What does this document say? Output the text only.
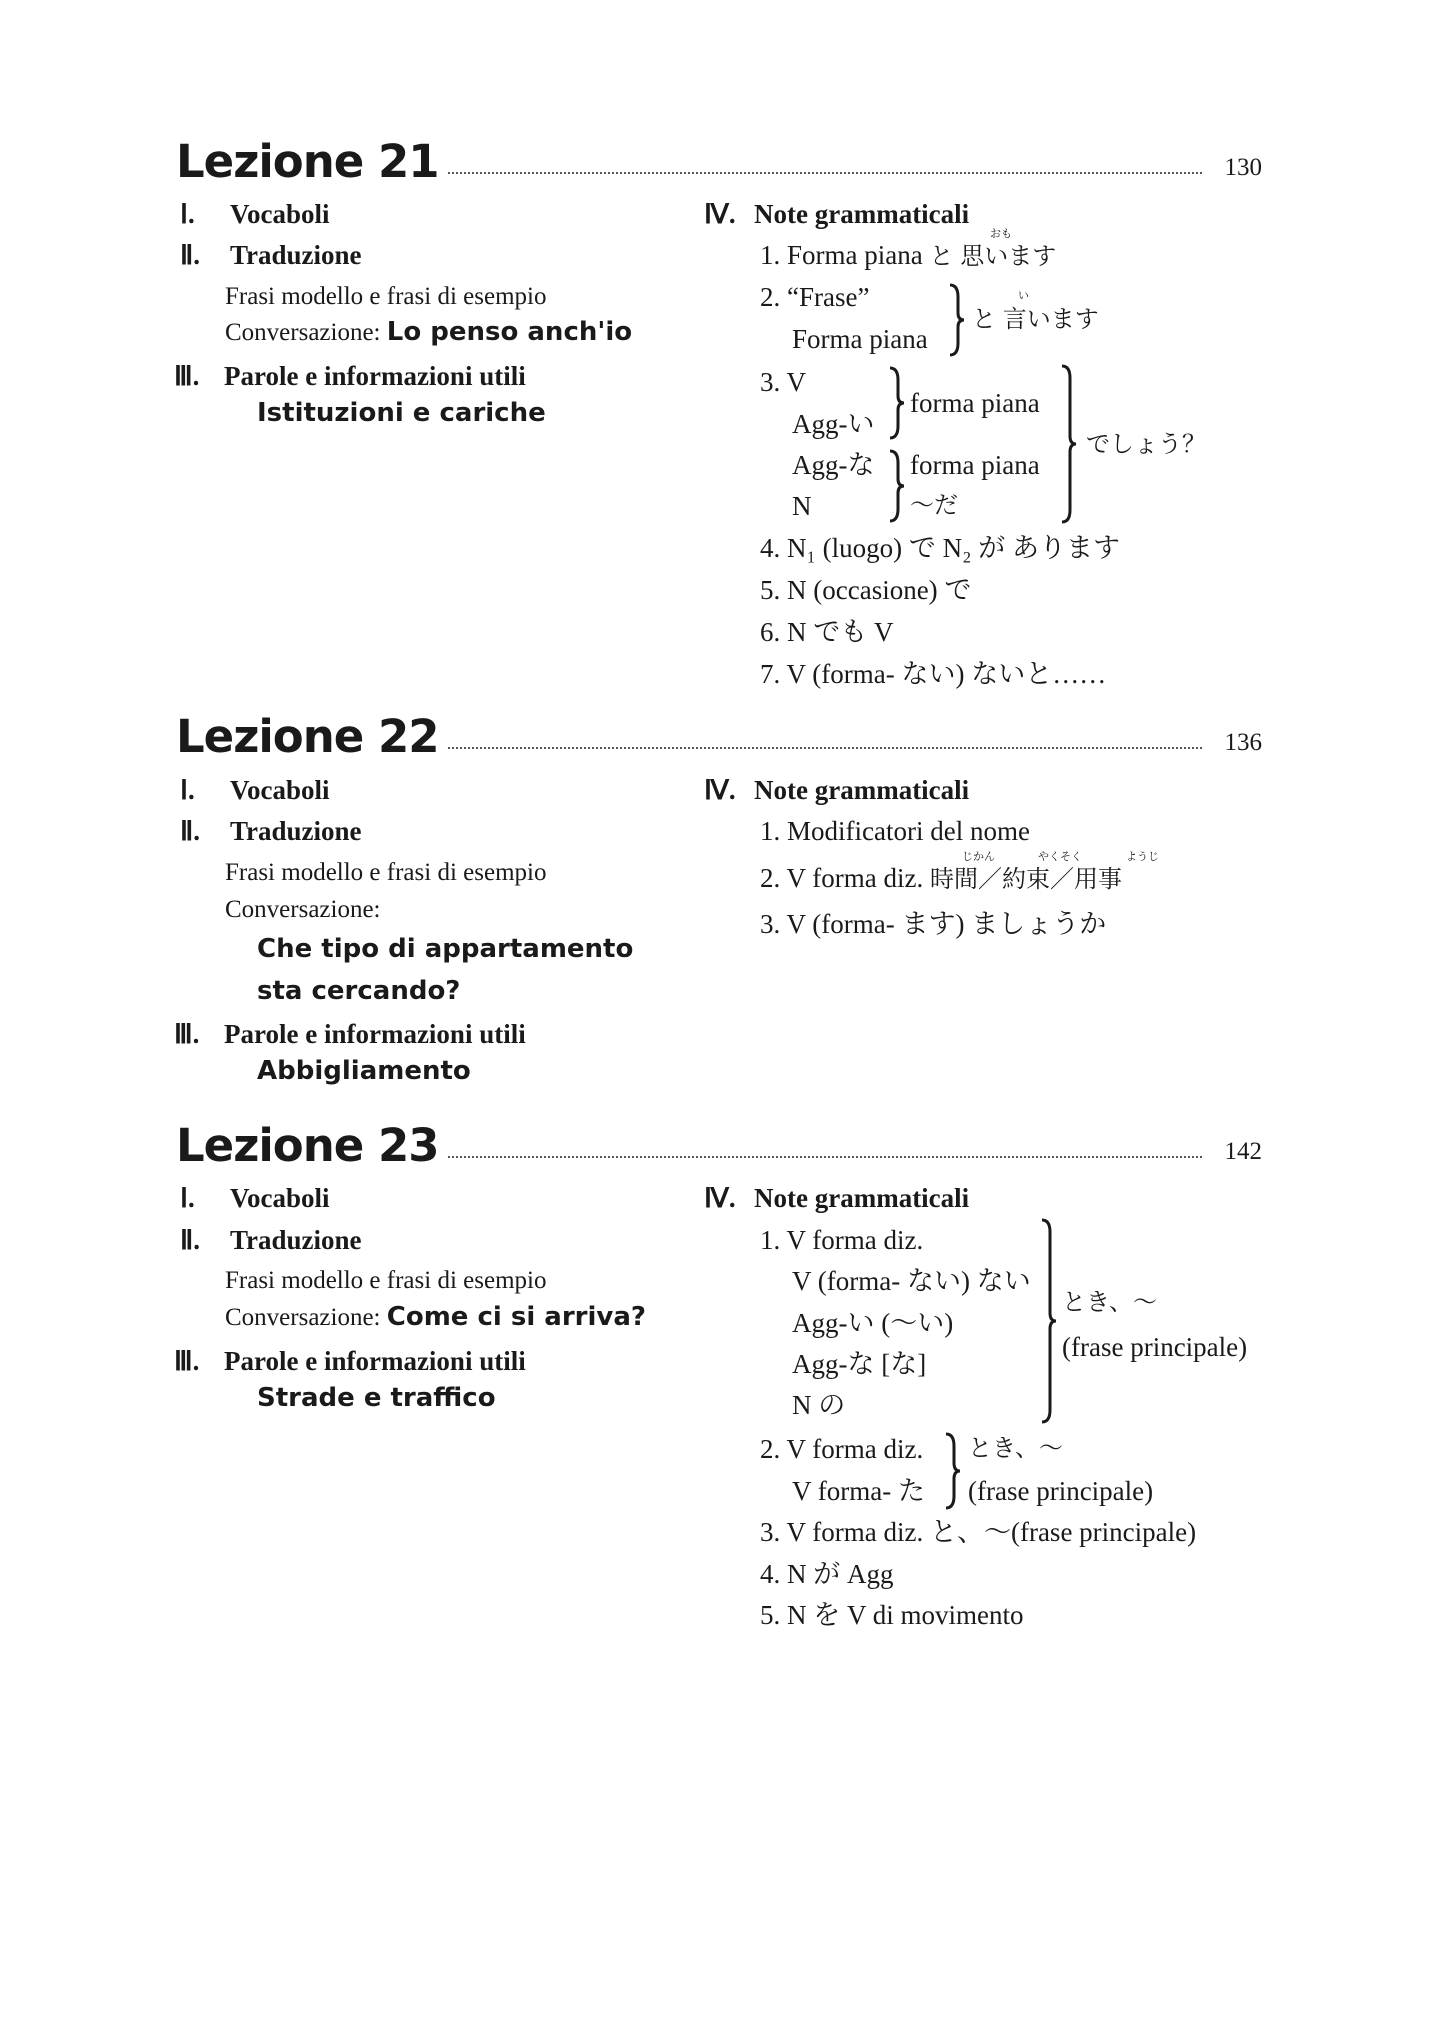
Lezione 21	130
Ⅰ. Vocaboli
Ⅱ. Traduzione
Frasi modello e frasi di esempio
Conversazione: Lo penso anch'io
Ⅲ. Parole e informazioni utili
Istituzioni e cariche
Ⅳ. Note grammaticali
1. Forma piana と 思います
おも
2. “Frase”
Forma piana
と 言います
い
3. V
Agg-い
Agg-な
N
forma piana
forma piana
～だ
でしょう？
4. N₁ (luogo) で N₂ が あります
5. N (occasione) で
6. N でも V
7. V (forma- ない) ないと……
Lezione 22	136
Ⅰ. Vocaboli
Ⅱ. Traduzione
Frasi modello e frasi di esempio
Conversazione:
Che tipo di appartamento
sta cercando?
Ⅲ. Parole e informazioni utili
Abbigliamento
Ⅳ. Note grammaticali
1. Modificatori del nome
2. V forma diz. 時間／約束／用事
じかん	やくそく	ようじ
3. V (forma- ます) ましょうか
Lezione 23	142
Ⅰ. Vocaboli
Ⅱ. Traduzione
Frasi modello e frasi di esempio
Conversazione: Come ci si arriva?
Ⅲ. Parole e informazioni utili
Strade e traffico
Ⅳ. Note grammaticali
1. V forma diz.
V (forma- ない) ない
Agg-い (～い)
Agg-な [な]
N の
とき、～
(frase principale)
2. V forma diz.
V forma- た
とき、～
(frase principale)
3. V forma diz. と、～(frase principale)
4. N が Agg
5. N を V di movimento
